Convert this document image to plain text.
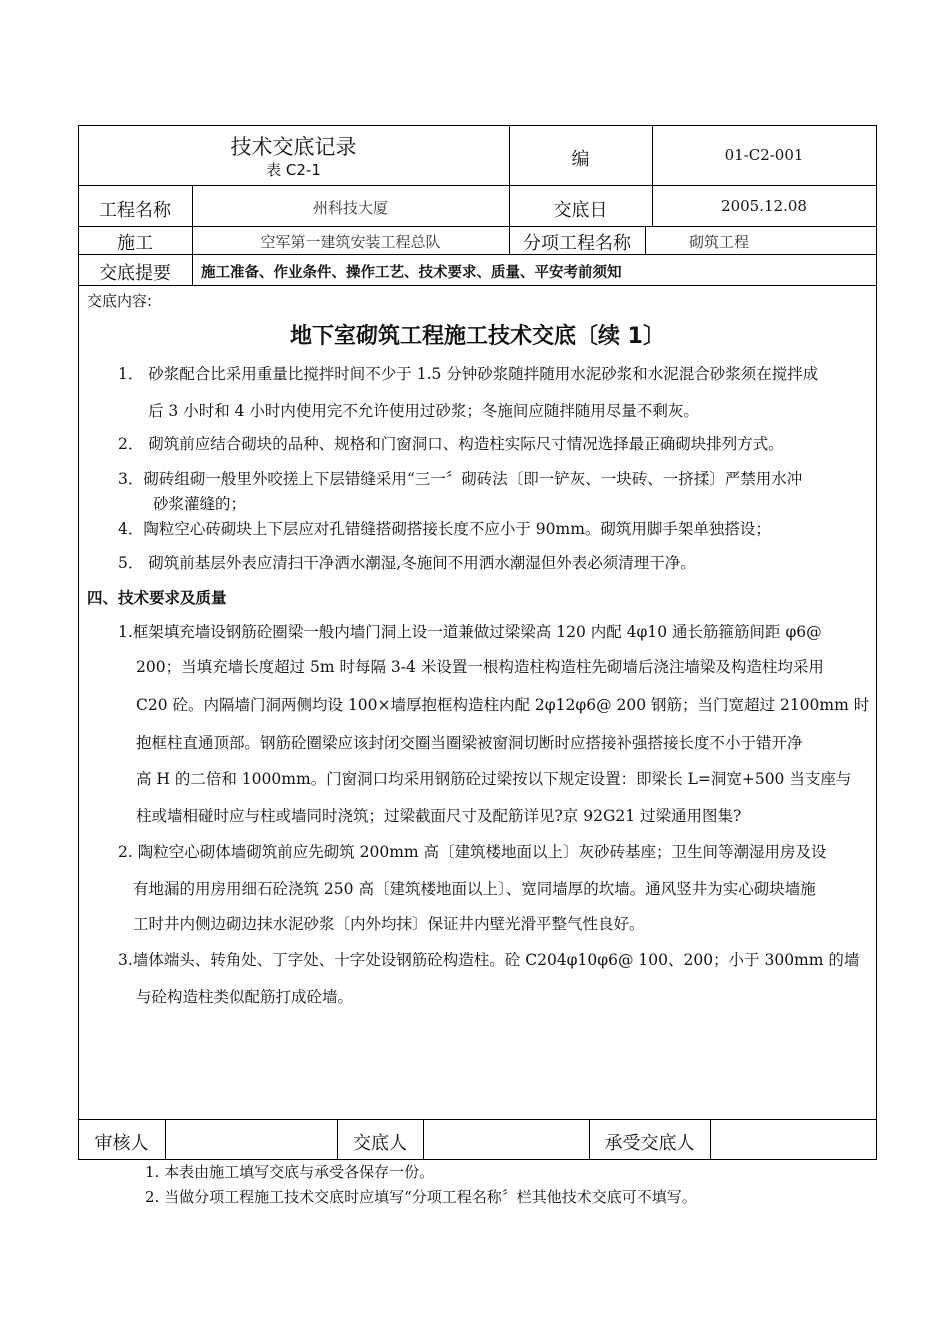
技术交底记录
表 C2-1	编	01-C2-001
工程名称	州科技大厦	交底日	2005.12.08
施工	空军第一建筑安装工程总队	分项工程名称	砌筑工程
交底提要	施工准备、作业条件、操作工艺、技术要求、质量、平安考前须知
交底内容:
地下室砌筑工程施工技术交底〔续 1〕
1． 砂浆配合比采用重量比搅拌时间不少于 1.5 分钟砂浆随拌随用水泥砂浆和水泥混合砂浆须在搅拌成
后 3 小时和 4 小时内使用完不允许使用过砂浆；冬施间应随拌随用尽量不剩灰。
2． 砌筑前应结合砌块的品种、规格和门窗洞口、构造柱实际尺寸情况选择最正确砌块排列方式。
3．砌砖组砌一般里外咬搓上下层错缝采用“三一〞砌砖法〔即一铲灰、一块砖、一挤揉〕严禁用水冲
砂浆灌缝的；
4．陶粒空心砖砌块上下层应对孔错缝搭砌搭接长度不应小于 90mm。砌筑用脚手架单独搭设；
5． 砌筑前基层外表应清扫干净洒水潮湿,冬施间不用洒水潮湿但外表必须清理干净。
四、技术要求及质量
1.框架填充墙设钢筋砼圈梁一般内墙门洞上设一道兼做过梁梁高 120 内配 4φ10 通长筋箍筋间距 φ6@
200；当填充墙长度超过 5m 时每隔 3-4 米设置一根构造柱构造柱先砌墙后浇注墙梁及构造柱均采用
C20 砼。内隔墙门洞两侧均设 100×墙厚抱框构造柱内配 2φ12φ6@ 200 钢筋；当门宽超过 2100mm 时
抱框柱直通顶部。钢筋砼圈梁应该封闭交圈当圈梁被窗洞切断时应搭接补强搭接长度不小于错开净
高 H 的二倍和 1000mm。门窗洞口均采用钢筋砼过梁按以下规定设置：即梁长 L=洞宽+500 当支座与
柱或墙相碰时应与柱或墙同时浇筑；过梁截面尺寸及配筋详见?京 92G21 过梁通用图集?
2. 陶粒空心砌体墙砌筑前应先砌筑 200mm 高〔建筑楼地面以上〕灰砂砖基座；卫生间等潮湿用房及设
有地漏的用房用细石砼浇筑 250 高〔建筑楼地面以上〕、宽同墙厚的坎墙。通风竖井为实心砌块墙施
工时井内侧边砌边抹水泥砂浆〔内外均抹〕保证井内壁光滑平整气性良好。
3.墙体端头、转角处、丁字处、十字处设钢筋砼构造柱。砼 C204φ10φ6@ 100、200；小于 300mm 的墙
与砼构造柱类似配筋打成砼墙。
审核人	交底人	承受交底人
1. 本表由施工填写交底与承受各保存一份。
2. 当做分项工程施工技术交底时应填写“分项工程名称〞栏其他技术交底可不填写。
